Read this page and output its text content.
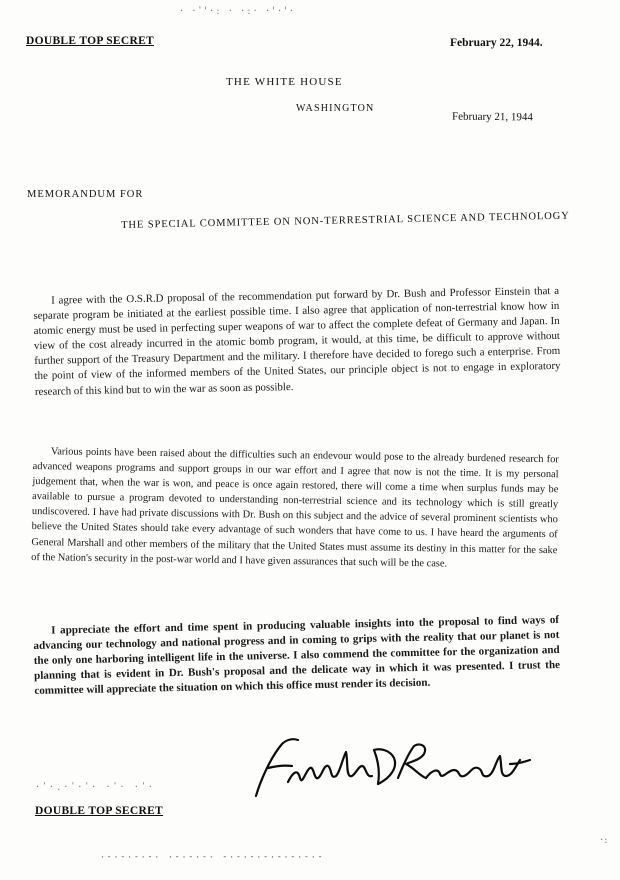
· ·ˈ'·: · ·:· ·'·'·
DOUBLE TOP SECRET	February 22, 1944.
THE WHITE HOUSE
WASHINGTON
February 21, 1944
MEMORANDUM FOR
THE SPECIAL COMMITTEE ON NON-TERRESTRIAL SCIENCE AND TECHNOLOGY
I agree with the O.S.R.D proposal of the recommendation put forward by Dr. Bush and Professor Einstein that a separate program be initiated at the earliest possible time. I also agree that application of non-terrestrial know how in atomic energy must be used in perfecting super weapons of war to affect the complete defeat of Germany and Japan. In view of the cost already incurred in the atomic bomb program, it would, at this time, be difficult to approve without further support of the Treasury Department and the military. I therefore have decided to forego such a enterprise. From the point of view of the informed members of the United States, our principle object is not to engage in exploratory research of this kind but to win the war as soon as possible.
Various points have been raised about the difficulties such an endevour would pose to the already burdened research for advanced weapons programs and support groups in our war effort and I agree that now is not the time. It is my personal judgement that, when the war is won, and peace is once again restored, there will come a time when surplus funds may be available to pursue a program devoted to understanding non-terrestrial science and its technology which is still greatly undiscovered. I have had private discussions with Dr. Bush on this subject and the advice of several prominent scientists who believe the United States should take every advantage of such wonders that have come to us. I have heard the arguments of General Marshall and other members of the military that the United States must assume its destiny in this matter for the sake of the Nation's security in the post-war world and I have given assurances that such will be the case.
I appreciate the effort and time spent in producing valuable insights into the proposal to find ways of advancing our technology and national progress and in coming to grips with the reality that our planet is not the only one harboring intelligent life in the universe. I also commend the committee for the organization and planning that is evident in Dr. Bush's proposal and the delicate way in which it was presented. I trust the committee will appreciate the situation on which this office must render its decision.
·ˈ·.·ˈ·ˈ· ·ˈ· ·ˈ·
DOUBLE TOP SECRET
·-·-·-·-· ·-·-·-· -·-·-·-·-·-·-·-
·:
